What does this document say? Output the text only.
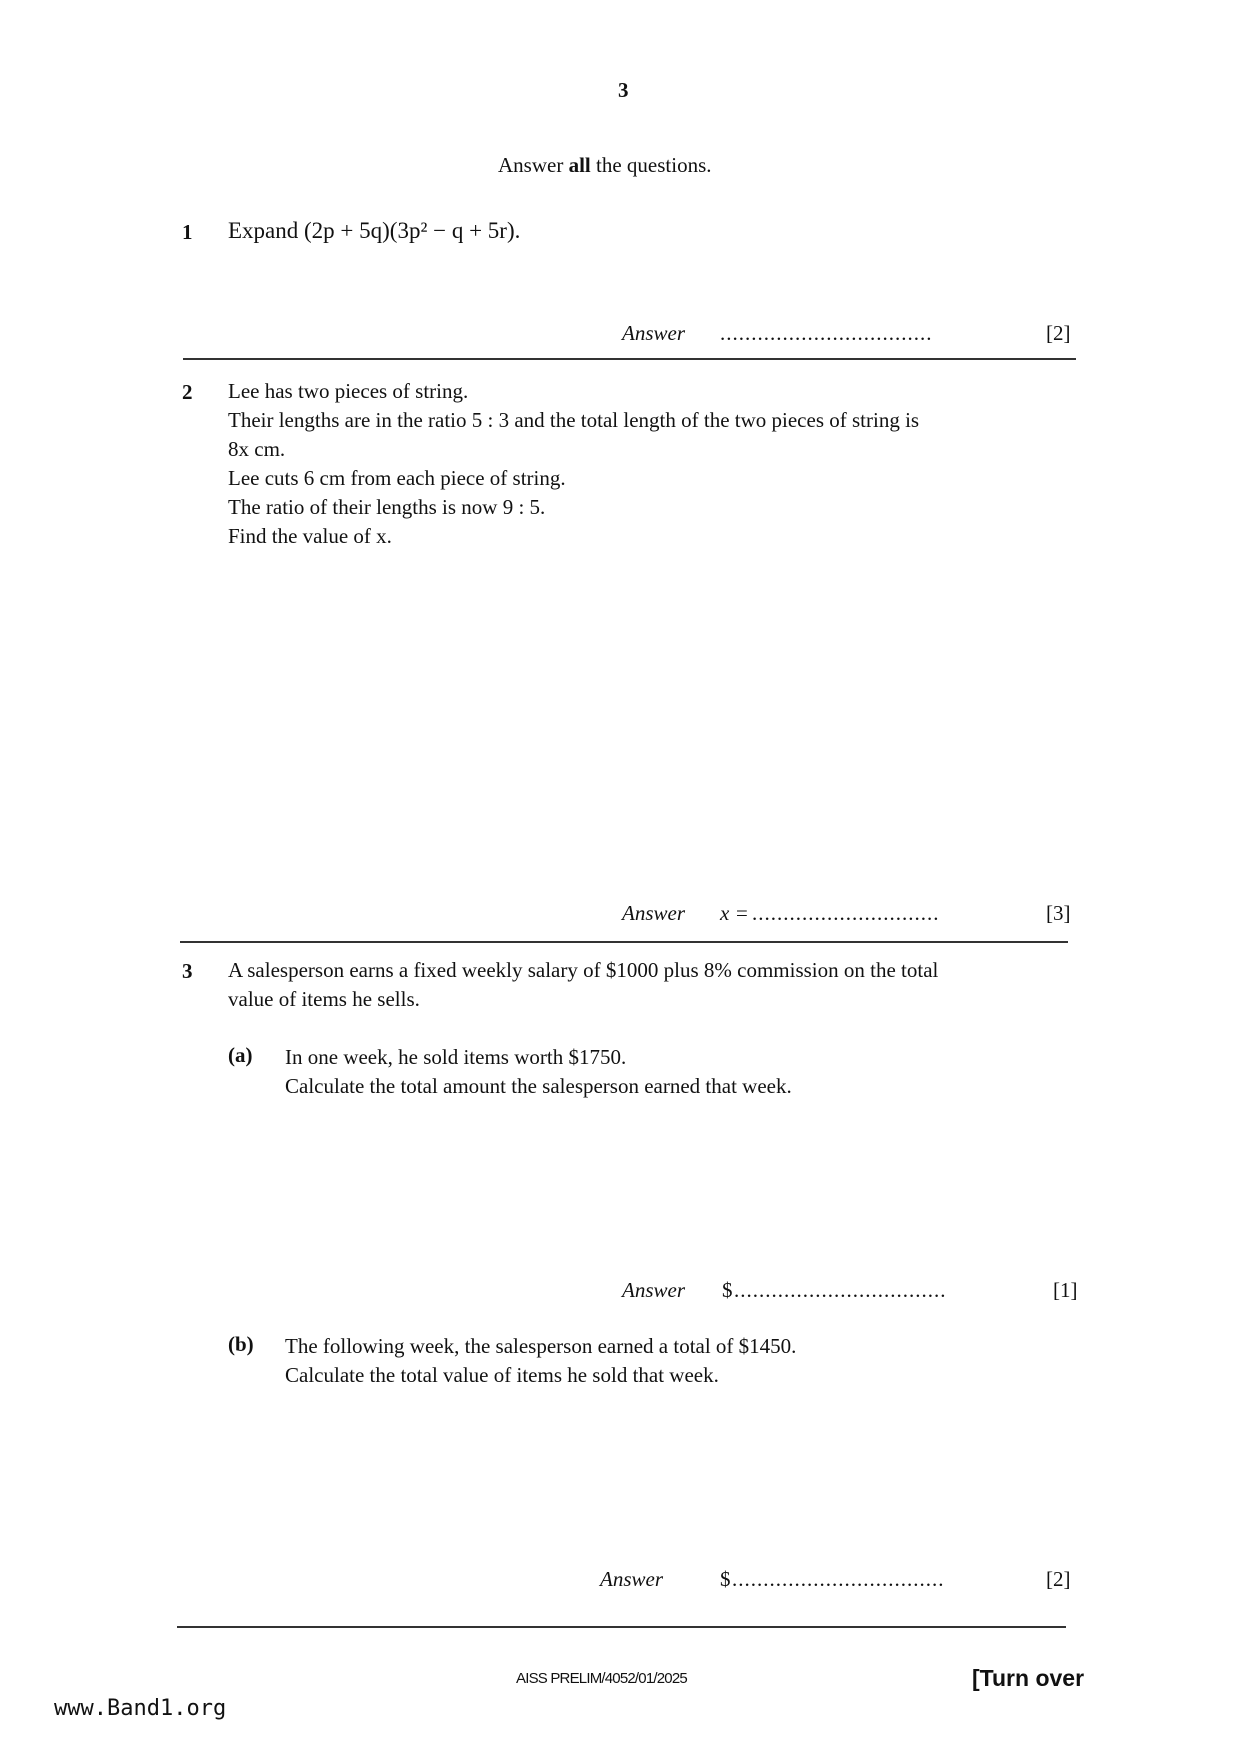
3
Answer all the questions.
1 Expand (2p + 5q)(3p² − q + 5r).
Answer ..................................	[2]
2 Lee has two pieces of string.
Their lengths are in the ratio 5 : 3 and the total length of the two pieces of string is
8x cm.
Lee cuts 6 cm from each piece of string.
The ratio of their lengths is now 9 : 5.
Find the value of x.
Answer x = ..............................	[3]
3 A salesperson earns a fixed weekly salary of $1000 plus 8% commission on the total
value of items he sells.
(a) In one week, he sold items worth $1750.
Calculate the total amount the salesperson earned that week.
Answer $ ..................................	[1]
(b) The following week, the salesperson earned a total of $1450.
Calculate the total value of items he sold that week.
Answer	$ ..................................	[2]
AISS PRELIM/4052/01/2025	[Turn over
www.Band1.org
